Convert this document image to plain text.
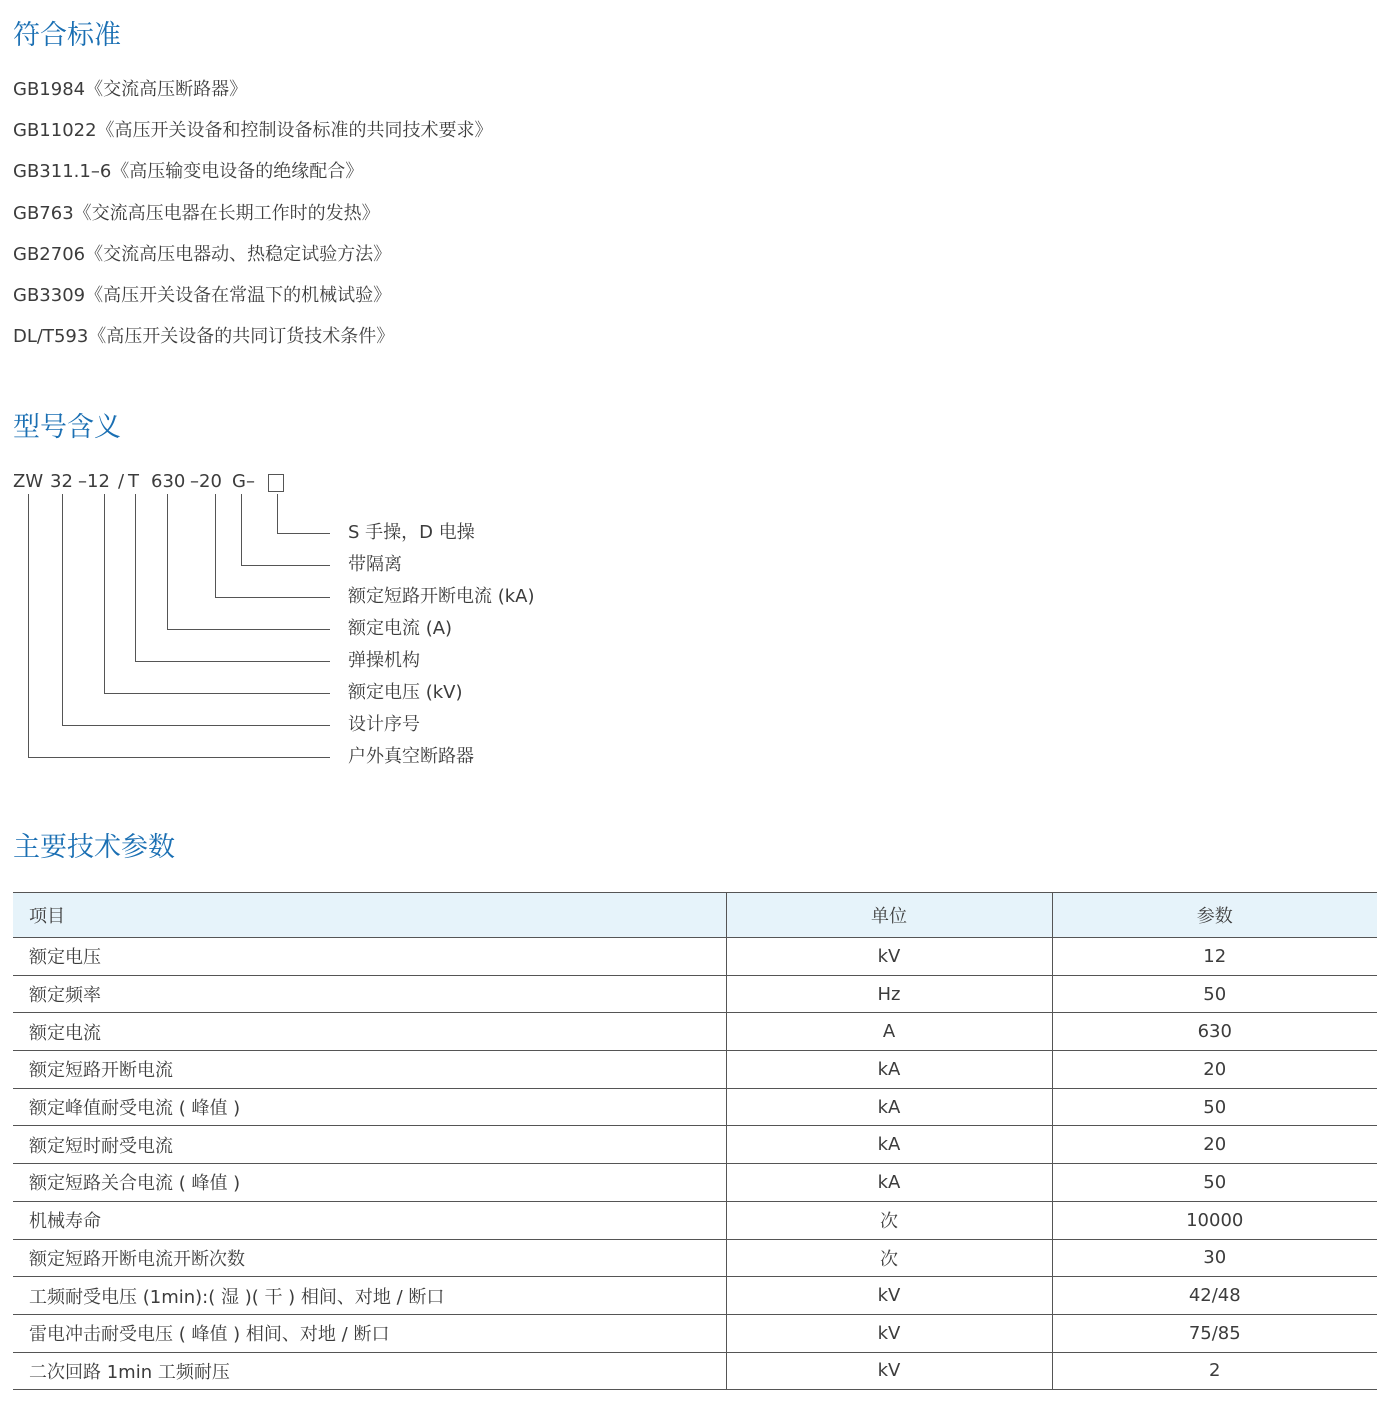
符合标准
GB1984《交流高压断路器》
GB11022《高压开关设备和控制设备标准的共同技术要求》
GB311.1–6《高压输变电设备的绝缘配合》
GB763《交流高压电器在长期工作时的发热》
GB2706《交流高压电器动、热稳定试验方法》
GB3309《高压开关设备在常温下的机械试验》
DL/T593《高压开关设备的共同订货技术条件》
型号含义
ZW 32 –12 / T 630 –20 G–
S 手操，D 电操
带隔离
额定短路开断电流 (kA)
额定电流 (A)
弹操机构
额定电压 (kV)
设计序号
户外真空断路器
主要技术参数
项目	单位	参数
额定电压	kV	12
额定频率	Hz	50
额定电流	A	630
额定短路开断电流	kA	20
额定峰值耐受电流 ( 峰值 )	kA	50
额定短时耐受电流	kA	20
额定短路关合电流 ( 峰值 )	kA	50
机械寿命	次	10000
额定短路开断电流开断次数	次	30
工频耐受电压 (1min):( 湿 )( 干 ) 相间、对地 / 断口	kV	42/48
雷电冲击耐受电压 ( 峰值 ) 相间、对地 / 断口	kV	75/85
二次回路 1min 工频耐压	kV	2
